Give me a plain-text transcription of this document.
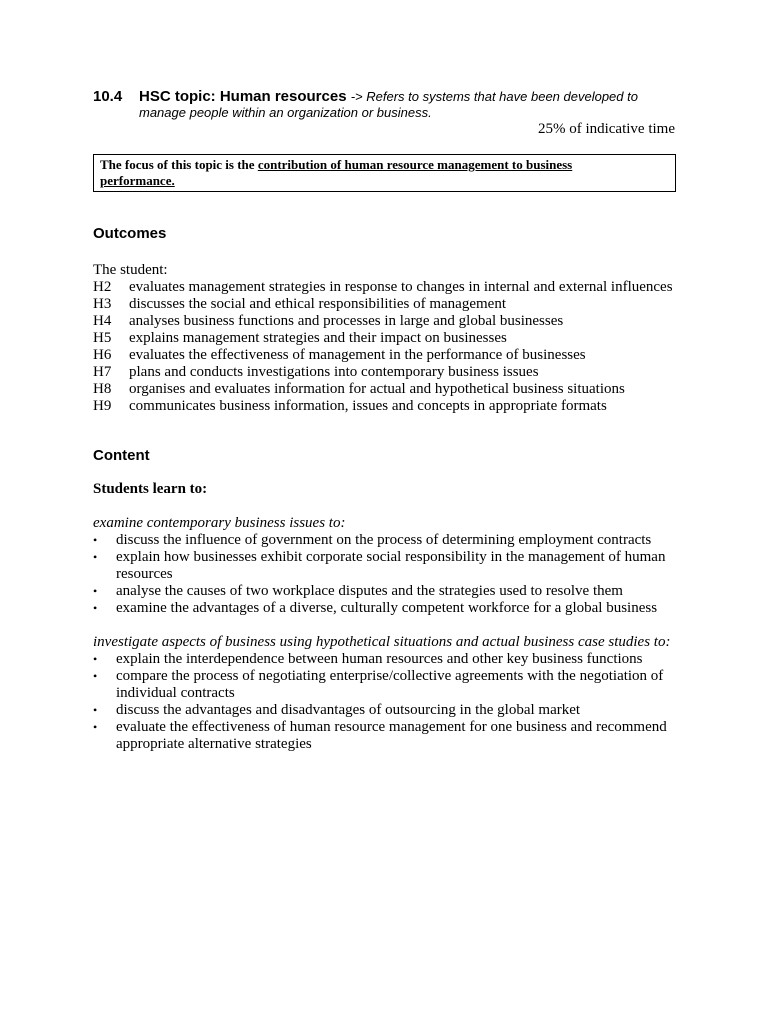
10.4 HSC topic: Human resources -> Refers to systems that have been developed to
manage people within an organization or business.
25% of indicative time
The focus of this topic is the contribution of human resource management to business
performance.
Outcomes
The student:
H2	evaluates management strategies in response to changes in internal and external influences
H3	discusses the social and ethical responsibilities of management
H4	analyses business functions and processes in large and global businesses
H5	explains management strategies and their impact on businesses
H6	evaluates the effectiveness of management in the performance of businesses
H7	plans and conducts investigations into contemporary business issues
H8	organises and evaluates information for actual and hypothetical business situations
H9	communicates business information, issues and concepts in appropriate formats
Content
Students learn to:
examine contemporary business issues to:
•	discuss the influence of government on the process of determining employment contracts
•	explain how businesses exhibit corporate social responsibility in the management of human resources
•	analyse the causes of two workplace disputes and the strategies used to resolve them
•	examine the advantages of a diverse, culturally competent workforce for a global business
investigate aspects of business using hypothetical situations and actual business case studies to:
•	explain the interdependence between human resources and other key business functions
•	compare the process of negotiating enterprise/collective agreements with the negotiation of individual contracts
•	discuss the advantages and disadvantages of outsourcing in the global market
•	evaluate the effectiveness of human resource management for one business and recommend appropriate alternative strategies
